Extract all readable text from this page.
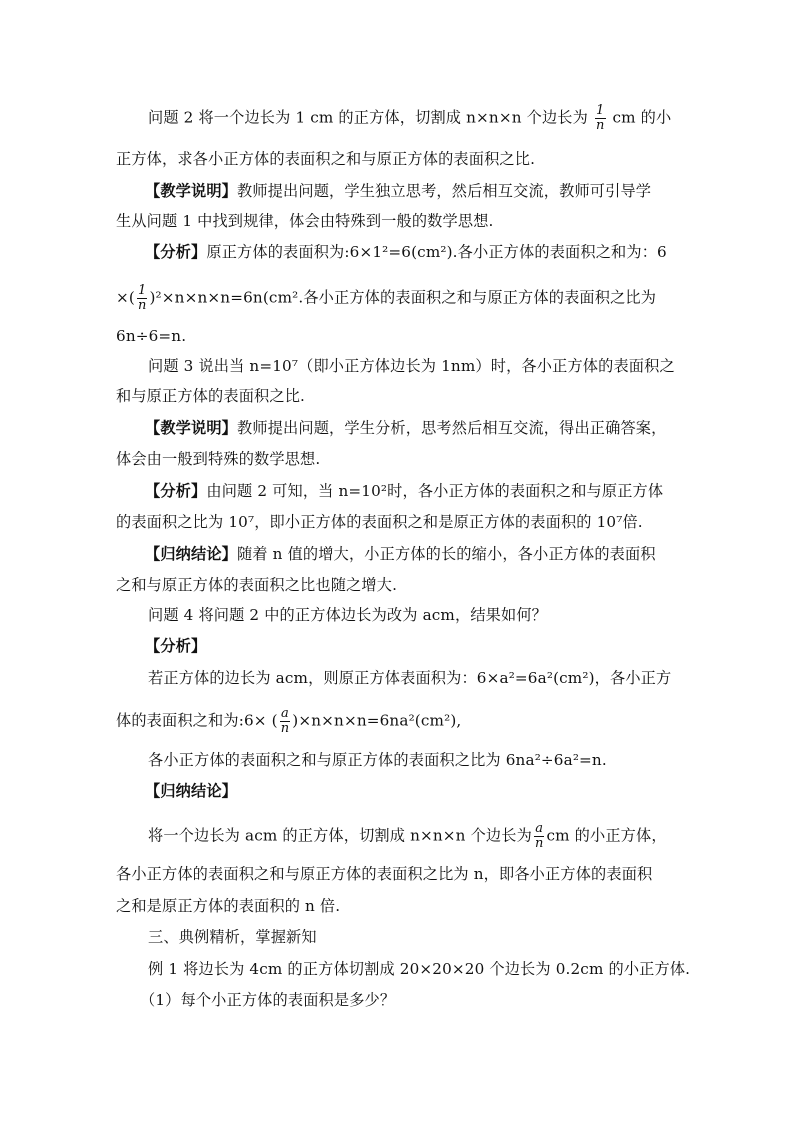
问题 2 将一个边长为 1 cm 的正方体，切割成 n×n×n 个边长为 $\frac{1}{n}$ cm 的小
正方体，求各小正方体的表面积之和与原正方体的表面积之比.
【教学说明】教师提出问题，学生独立思考，然后相互交流，教师可引导学
生从问题 1 中找到规律，体会由特殊到一般的数学思想.
【分析】原正方体的表面积为:6×1²=6(cm²).各小正方体的表面积之和为：6
×( $\frac{1}{n} )^2\times n\times n\times n=6n(cm^2$.各小正方体的表面积之和与原正方体的表面积之比为
6n÷6=n.
问题 3 说出当 n=10⁷（即小正方体边长为 1nm）时，各小正方体的表面积之
和与原正方体的表面积之比.
【教学说明】教师提出问题，学生分析，思考然后相互交流，得出正确答案，
体会由一般到特殊的数学思想.
【分析】由问题 2 可知，当 n=10²时，各小正方体的表面积之和与原正方体
的表面积之比为 10⁷，即小正方体的表面积之和是原正方体的表面积的 10⁷倍.
【归纳结论】随着 n 值的增大，小正方体的长的缩小，各小正方体的表面积
之和与原正方体的表面积之比也随之增大.
问题 4 将问题 2 中的正方体边长为改为 acm，结果如何？
【分析】
若正方体的边长为 acm，则原正方体表面积为：6×a²=6a²(cm²)，各小正方
体的表面积之和为:6× ( $\frac{a}{n} )\times n\times n\times n=6na^2(cm^2)$,
各小正方体的表面积之和与原正方体的表面积之比为 6na²÷6a²=n.
【归纳结论】
将一个边长为 acm 的正方体，切割成 n×n×n 个边长为 $\frac{a}{n}$ cm 的小正方体，
各小正方体的表面积之和与原正方体的表面积之比为 n，即各小正方体的表面积
之和是原正方体的表面积的 n 倍.
三、典例精析，掌握新知
例 1 将边长为 4cm 的正方体切割成 20×20×20 个边长为 0.2cm 的小正方体.
（1）每个小正方体的表面积是多少？
